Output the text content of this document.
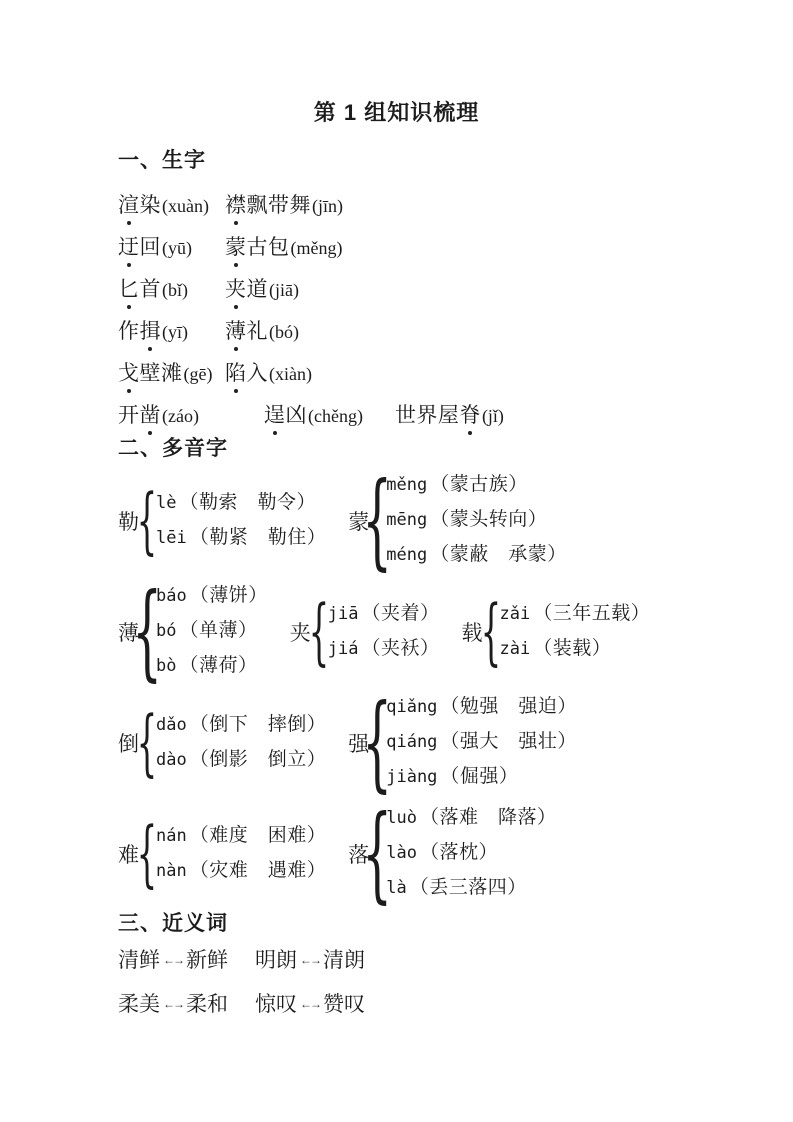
第 1 组知识梳理
一、生字
渲染 (xuàn) 襟飘带舞 (jīn)
迂回 (yū) 蒙古包 (měng)
匕首 (bǐ) 夹道 (jiā)
作揖 (yī) 薄礼 (bó)
戈壁滩 (gē) 陷入 (xiàn)
开凿 (záo)	逞凶 (chěng) 世界屋脊 (jǐ)
二、多音字
勒
{
lè （勒索　勒令）
lēi （勒紧　勒住）
蒙
{
měng （蒙古族）
mēng （蒙头转向）
méng （蒙蔽　承蒙）
薄
{
báo （薄饼）
bó （单薄）
bò （薄荷）
夹
{
jiā （夹着）
jiá （夹袄）
载
{
zǎi （三年五载）
zài （装载）
倒
{
dǎo （倒下　摔倒）
dào （倒影　倒立）
强
{
qiǎng （勉强　强迫）
qiáng （强大　强壮）
jiàng （倔强）
难
{
nán （难度　困难）
nàn （灾难　遇难）
落
{
luò （落难　降落）
lào （落枕）
là （丢三落四）
三、近义词
清鲜 ←→ 新鲜 明朗 ←→ 清朗
柔美 ←→ 柔和 惊叹 ←→ 赞叹
